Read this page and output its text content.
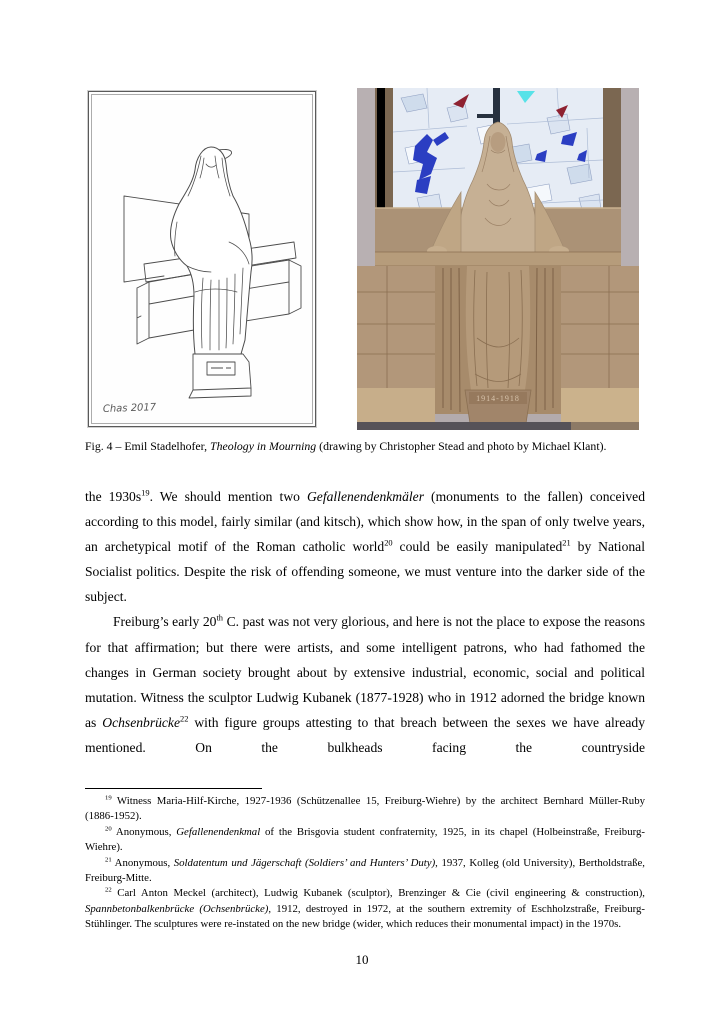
Chas 2017
1914-1918
Fig. 4 – Emil Stadelhofer, Theology in Mourning (drawing by Christopher Stead and photo by Michael Klant).

the $1930s^{19}$. We should mention two Gefallenendenkmäler (monuments to the fallen) conceived according to this model, fairly similar (and kitsch), which show how, in the span of only twelve years, an archetypical motif of the Roman catholic world$^{20}$ could be easily manipulated$^{21}$ by National Socialist politics. Despite the risk of offending someone, we must venture into the darker side of the subject.

Freiburg’s early 20th C. past was not very glorious, and here is not the place to expose the reasons for that affirmation; but there were artists, and some intelligent patrons, who had fathomed the changes in German society brought about by extensive industrial, economic, social and political mutation. Witness the sculptor Ludwig Kubanek (1877-1928) who in 1912 adorned the bridge known as Ochsenbrücke$^{22}$ with figure groups attesting to that breach between the sexes we have already mentioned. On the bulkheads facing the countryside

$^{19}$ Witness Maria-Hilf-Kirche, 1927-1936 (Schützenallee 15, Freiburg-Wiehre) by the architect Bernhard Müller-Ruby (1886-1952).

$^{20}$ Anonymous, Gefallenendenkmal of the Brisgovia student confraternity, 1925, in its chapel (Holbeinstraße, Freiburg-Wiehre).

$^{21}$ Anonymous, Soldatentum und Jägerschaft (Soldiers’ and Hunters’ Duty), 1937, Kolleg (old University), Bertholdstraße, Freiburg-Mitte.

$^{22}$ Carl Anton Meckel (architect), Ludwig Kubanek (sculptor), Brenzinger & Cie (civil engineering & construction), Spannbetonbalkenbrücke (Ochsenbrücke), 1912, destroyed in 1972, at the southern extremity of Eschholzstraße, Freiburg-Stühlinger. The sculptures were re-instated on the new bridge (wider, which reduces their monumental impact) in the 1970s.

10
